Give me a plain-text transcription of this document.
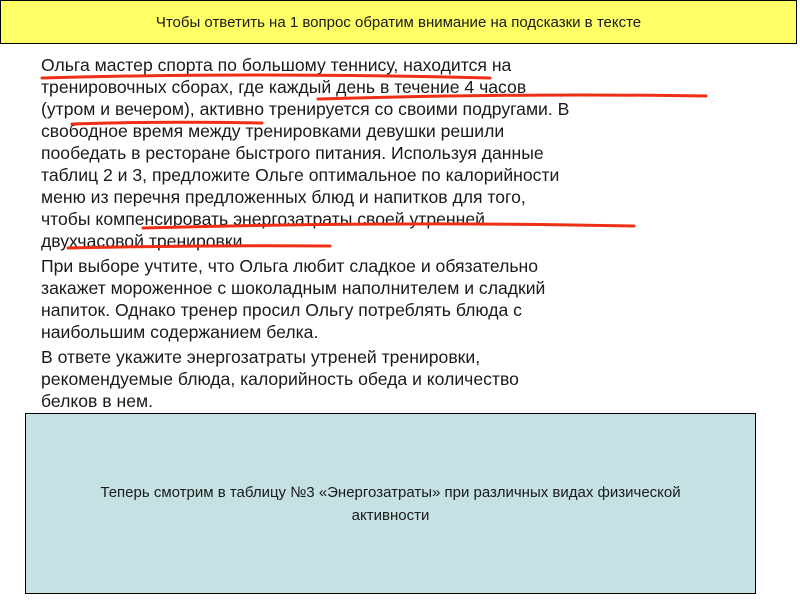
Чтобы ответить на 1 вопрос обратим внимание на подсказки в тексте

Ольга мастер спорта по большому теннису, находится на
тренировочных сборах, где каждый день в течение 4 часов
(утром и вечером), активно тренируется со своими подругами. В
свободное время между тренировками девушки решили
пообедать в ресторане быстрого питания. Используя данные
таблиц 2 и 3, предложите Ольге оптимальное по калорийности
меню из перечня предложенных блюд и напитков для того,
чтобы компенсировать энергозатраты своей утренней
двухчасовой тренировки.

При выборе учтите, что Ольга любит сладкое и обязательно
закажет мороженное с шоколадным наполнителем и сладкий
напиток. Однако тренер просил Ольгу потреблять блюда с
наибольшим содержанием белка.

В ответе укажите энергозатраты утреней тренировки,
рекомендуемые блюда, калорийность обеда и количество
белков в нем.

Теперь смотрим в таблицу №3 «Энергозатраты» при различных видах физической активности
